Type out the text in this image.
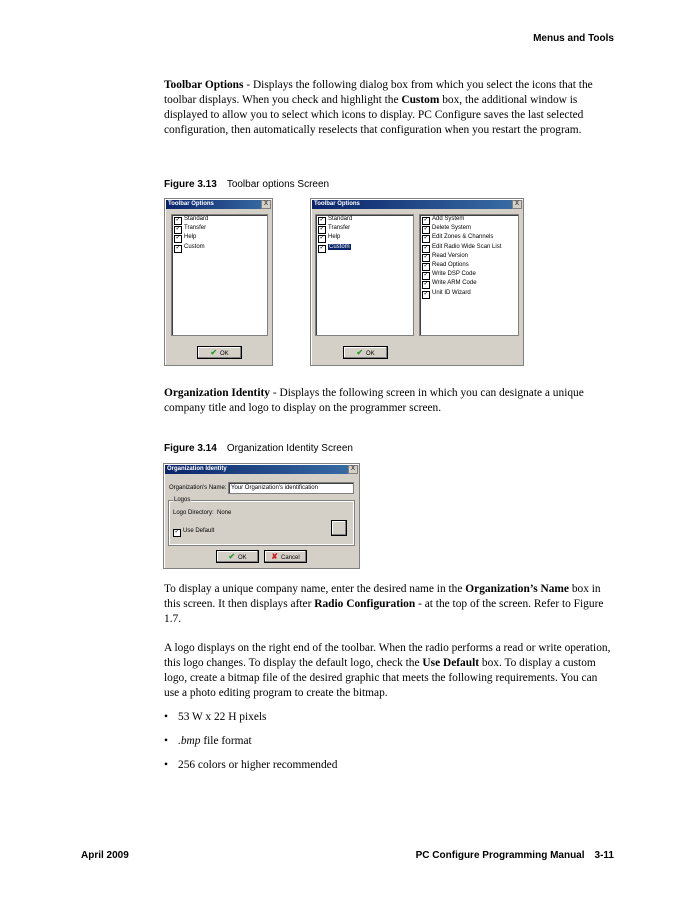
Menus and Tools
Toolbar Options - Displays the following dialog box from which you select the icons that the toolbar displays. When you check and highlight the Custom box, the additional window is displayed to allow you to select which icons to display. PC Configure saves the last selected configuration, then automatically reselects that configuration when you restart the program.
Figure 3.13 Toolbar options Screen
Toolbar Options	X
✓Standard
✓Transfer
✓Help
✓Custom
✔ OK
Toolbar Options	X
✓Standard
✓Transfer
✓Help
✓Custom
✓Add System
✓Delete System
✓Edit Zones & Channels
✓Edit Radio Wide Scan List
✓Read Version
✓Read Options
✓Write DSP Code
✓Write ARM Code
✓Unit ID Wizard
✔ OK
Organization Identity - Displays the following screen in which you can designate a unique company title and logo to display on the programmer screen.
Figure 3.14 Organization Identity Screen
Organization Identity	X
Organization's Name: Your Organization's identification
Logos
Logo Directory: None
✓Use Default
✔ OK	✘ Cancel
To display a unique company name, enter the desired name in the Organization’s Name box in this screen. It then displays after Radio Configuration - at the top of the screen. Refer to Figure 1.7.
A logo displays on the right end of the toolbar. When the radio performs a read or write operation, this logo changes. To display the default logo, check the Use Default box. To display a custom logo, create a bitmap file of the desired graphic that meets the following requirements. You can use a photo editing program to create the bitmap.
• 53 W x 22 H pixels
• .bmp file format
• 256 colors or higher recommended
April 2009	PC Configure Programming Manual 3-11
